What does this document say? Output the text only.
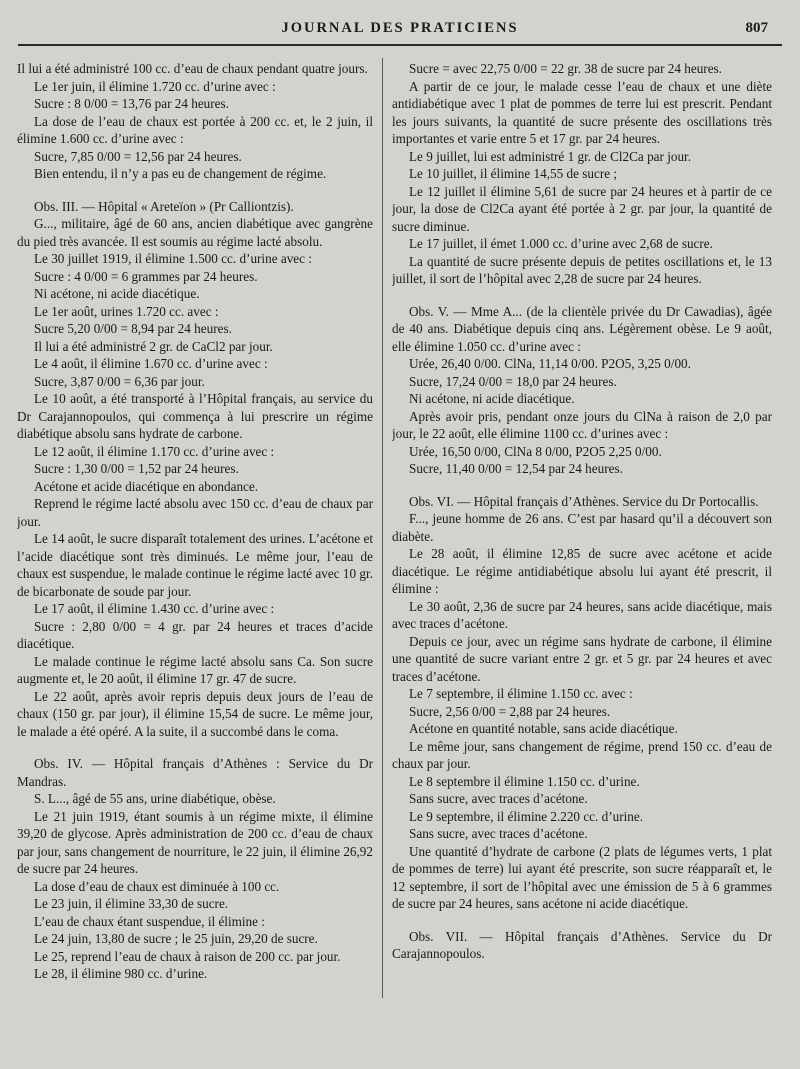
JOURNAL DES PRATICIENS	807

Il lui a été administré 100 cc. d’eau de chaux pendant quatre jours.

Le 1er juin, il élimine 1.720 cc. d’urine avec :

Sucre : 8 0/00 = 13,76 par 24 heures.

La dose de l’eau de chaux est portée à 200 cc. et, le 2 juin, il élimine 1.600 cc. d’urine avec :

Sucre, 7,85 0/00 = 12,56 par 24 heures.

Bien entendu, il n’y a pas eu de changement de régime.

Obs. III. — Hôpital « Areteïon » (Pr Calliontzis).

G..., militaire, âgé de 60 ans, ancien diabétique avec gangrène du pied très avancée. Il est soumis au régime lacté absolu.

Le 30 juillet 1919, il élimine 1.500 cc. d’urine avec :

Sucre : 4 0/00 = 6 grammes par 24 heures.

Ni acétone, ni acide diacétique.

Le 1er août, urines 1.720 cc. avec :

Sucre 5,20 0/00 = 8,94 par 24 heures.

Il lui a été administré 2 gr. de CaCl2 par jour.

Le 4 août, il élimine 1.670 cc. d’urine avec :

Sucre, 3,87 0/00 = 6,36 par jour.

Le 10 août, a été transporté à l’Hôpital français, au service du Dr Carajannopoulos, qui commença à lui prescrire un régime diabétique absolu sans hydrate de carbone.

Le 12 août, il élimine 1.170 cc. d’urine avec :

Sucre : 1,30 0/00 = 1,52 par 24 heures.

Acétone et acide diacétique en abondance.

Reprend le régime lacté absolu avec 150 cc. d’eau de chaux par jour.

Le 14 août, le sucre disparaît totalement des urines. L’acétone et l’acide diacétique sont très diminués. Le même jour, l’eau de chaux est suspendue, le malade continue le régime lacté avec 10 gr. de bicarbonate de soude par jour.

Le 17 août, il élimine 1.430 cc. d’urine avec :

Sucre : 2,80 0/00 = 4 gr. par 24 heures et traces d’acide diacétique.

Le malade continue le régime lacté absolu sans Ca. Son sucre augmente et, le 20 août, il élimine 17 gr. 47 de sucre.

Le 22 août, après avoir repris depuis deux jours de l’eau de chaux (150 gr. par jour), il élimine 15,54 de sucre. Le même jour, le malade a été opéré. A la suite, il a succombé dans le coma.

Obs. IV. — Hôpital français d’Athènes : Service du Dr Mandras.

S. L..., âgé de 55 ans, urine diabétique, obèse.

Le 21 juin 1919, étant soumis à un régime mixte, il élimine 39,20 de glycose. Après administration de 200 cc. d’eau de chaux par jour, sans changement de nourriture, le 22 juin, il élimine 26,92 de sucre par 24 heures.

La dose d’eau de chaux est diminuée à 100 cc.

Le 23 juin, il élimine 33,30 de sucre.

L’eau de chaux étant suspendue, il élimine :

Le 24 juin, 13,80 de sucre ; le 25 juin, 29,20 de sucre.

Le 25, reprend l’eau de chaux à raison de 200 cc. par jour.

Le 28, il élimine 980 cc. d’urine.

Sucre = avec 22,75 0/00 = 22 gr. 38 de sucre par 24 heures.

A partir de ce jour, le malade cesse l’eau de chaux et une diète antidiabétique avec 1 plat de pommes de terre lui est prescrit. Pendant les jours suivants, la quantité de sucre présente des oscillations très importantes et varie entre 5 et 17 gr. par 24 heures.

Le 9 juillet, lui est administré 1 gr. de Cl2Ca par jour.

Le 10 juillet, il élimine 14,55 de sucre ;

Le 12 juillet il élimine 5,61 de sucre par 24 heures et à partir de ce jour, la dose de Cl2Ca ayant été portée à 2 gr. par jour, la quantité de sucre diminue.

Le 17 juillet, il émet 1.000 cc. d’urine avec 2,68 de sucre.

La quantité de sucre présente depuis de petites oscillations et, le 13 juillet, il sort de l’hôpital avec 2,28 de sucre par 24 heures.

Obs. V. — Mme A... (de la clientèle privée du Dr Cawadias), âgée de 40 ans. Diabétique depuis cinq ans. Légèrement obèse. Le 9 août, elle élimine 1.050 cc. d’urine avec :

Urée, 26,40 0/00. ClNa, 11,14 0/00. P2O5, 3,25 0/00.

Sucre, 17,24 0/00 = 18,0 par 24 heures.

Ni acétone, ni acide diacétique.

Après avoir pris, pendant onze jours du ClNa à raison de 2,0 par jour, le 22 août, elle élimine 1100 cc. d’urines avec :

Urée, 16,50 0/00, ClNa 8 0/00, P2O5 2,25 0/00.

Sucre, 11,40 0/00 = 12,54 par 24 heures.

Obs. VI. — Hôpital français d’Athènes. Service du Dr Portocallis.

F..., jeune homme de 26 ans. C’est par hasard qu’il a découvert son diabète.

Le 28 août, il élimine 12,85 de sucre avec acétone et acide diacétique. Le régime antidiabétique absolu lui ayant été prescrit, il élimine :

Le 30 août, 2,36 de sucre par 24 heures, sans acide diacétique, mais avec traces d’acétone.

Depuis ce jour, avec un régime sans hydrate de carbone, il élimine une quantité de sucre variant entre 2 gr. et 5 gr. par 24 heures et avec traces d’acétone.

Le 7 septembre, il élimine 1.150 cc. avec :

Sucre, 2,56 0/00 = 2,88 par 24 heures.

Acétone en quantité notable, sans acide diacétique.

Le même jour, sans changement de régime, prend 150 cc. d’eau de chaux par jour.

Le 8 septembre il élimine 1.150 cc. d’urine.

Sans sucre, avec traces d’acétone.

Le 9 septembre, il élimine 2.220 cc. d’urine.

Sans sucre, avec traces d’acétone.

Une quantité d’hydrate de carbone (2 plats de légumes verts, 1 plat de pommes de terre) lui ayant été prescrite, son sucre réapparaît et, le 12 septembre, il sort de l’hôpital avec une émission de 5 à 6 grammes de sucre par 24 heures, sans acétone ni acide diacétique.

Obs. VII. — Hôpital français d’Athènes. Service du Dr Carajannopoulos.
